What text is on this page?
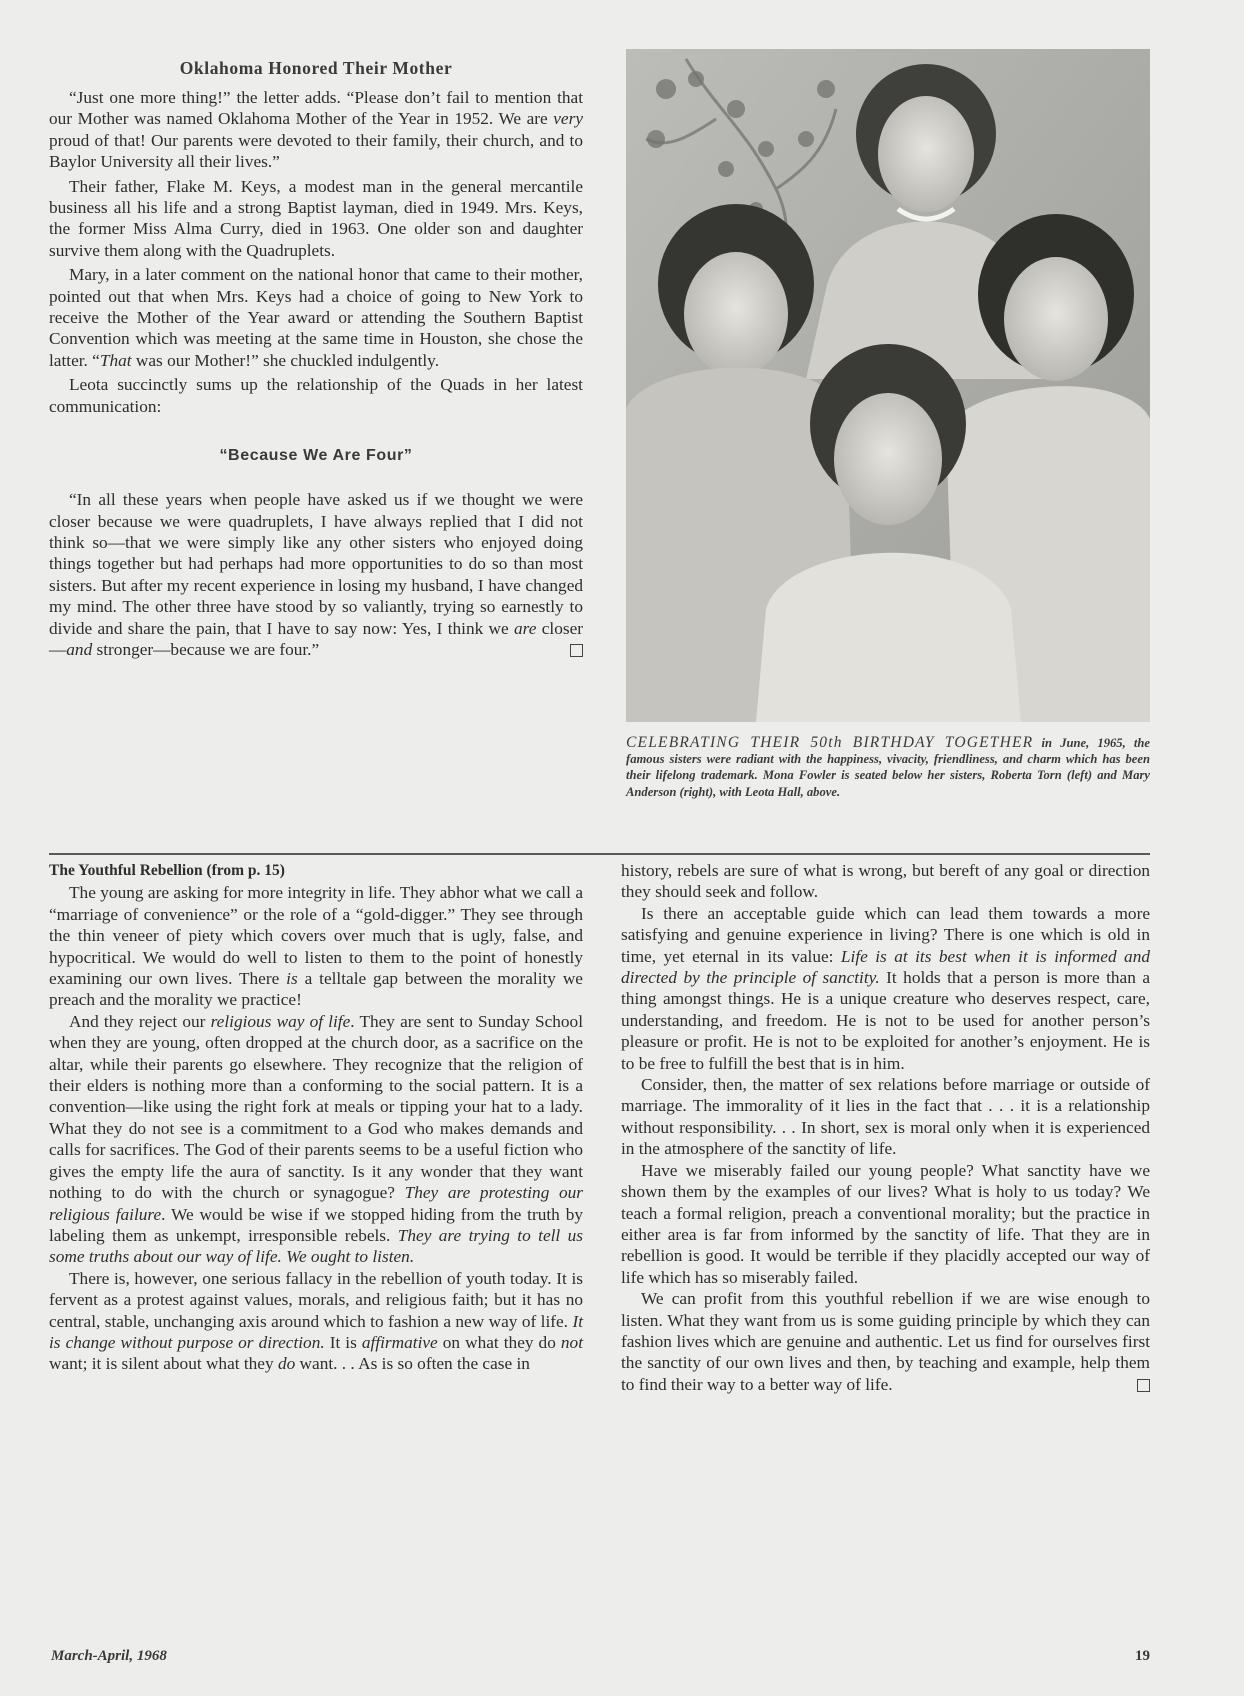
Oklahoma Honored Their Mother

“Just one more thing!” the letter adds. “Please don’t fail to mention that our Mother was named Oklahoma Mother of the Year in 1952. We are very proud of that! Our parents were devoted to their family, their church, and to Baylor University all their lives.”

Their father, Flake M. Keys, a modest man in the general mercantile business all his life and a strong Baptist layman, died in 1949. Mrs. Keys, the former Miss Alma Curry, died in 1963. One older son and daughter survive them along with the Quadruplets.

Mary, in a later comment on the national honor that came to their mother, pointed out that when Mrs. Keys had a choice of going to New York to receive the Mother of the Year award or attending the Southern Baptist Convention which was meeting at the same time in Houston, she chose the latter. “That was our Mother!” she chuckled indulgently.

Leota succinctly sums up the relationship of the Quads in her latest communication:

“Because We Are Four”

“In all these years when people have asked us if we thought we were closer because we were quadruplets, I have always replied that I did not think so—that we were simply like any other sisters who enjoyed doing things together but had perhaps had more opportunities to do so than most sisters. But after my recent experience in losing my husband, I have changed my mind. The other three have stood by so valiantly, trying so earnestly to divide and share the pain, that I have to say now: Yes, I think we are closer—and stronger—because we are four.”

CELEBRATING THEIR 50th BIRTHDAY TOGETHER in June, 1965, the famous sisters were radiant with the happiness, vivacity, friendliness, and charm which has been their lifelong trademark. Mona Fowler is seated below her sisters, Roberta Torn (left) and Mary Anderson (right), with Leota Hall, above.

The Youthful Rebellion (from p. 15)

The young are asking for more integrity in life. They abhor what we call a “marriage of convenience” or the role of a “gold-digger.” They see through the thin veneer of piety which covers over much that is ugly, false, and hypocritical. We would do well to listen to them to the point of honestly examining our own lives. There is a telltale gap between the morality we preach and the morality we practice!

And they reject our religious way of life. They are sent to Sunday School when they are young, often dropped at the church door, as a sacrifice on the altar, while their parents go elsewhere. They recognize that the religion of their elders is nothing more than a conforming to the social pattern. It is a convention—like using the right fork at meals or tipping your hat to a lady. What they do not see is a commitment to a God who makes demands and calls for sacrifices. The God of their parents seems to be a useful fiction who gives the empty life the aura of sanctity. Is it any wonder that they want nothing to do with the church or synagogue? They are protesting our religious failure. We would be wise if we stopped hiding from the truth by labeling them as unkempt, irresponsible rebels. They are trying to tell us some truths about our way of life. We ought to listen.

There is, however, one serious fallacy in the rebellion of youth today. It is fervent as a protest against values, morals, and religious faith; but it has no central, stable, unchanging axis around which to fashion a new way of life. It is change without purpose or direction. It is affirmative on what they do not want; it is silent about what they do want. . . As is so often the case in

history, rebels are sure of what is wrong, but bereft of any goal or direction they should seek and follow.

Is there an acceptable guide which can lead them towards a more satisfying and genuine experience in living? There is one which is old in time, yet eternal in its value: Life is at its best when it is informed and directed by the principle of sanctity. It holds that a person is more than a thing amongst things. He is a unique creature who deserves respect, care, understanding, and freedom. He is not to be used for another person’s pleasure or profit. He is not to be exploited for another’s enjoyment. He is to be free to fulfill the best that is in him.

Consider, then, the matter of sex relations before marriage or outside of marriage. The immorality of it lies in the fact that . . . it is a relationship without responsibility. . . In short, sex is moral only when it is experienced in the atmosphere of the sanctity of life.

Have we miserably failed our young people? What sanctity have we shown them by the examples of our lives? What is holy to us today? We teach a formal religion, preach a conventional morality; but the practice in either area is far from informed by the sanctity of life. That they are in rebellion is good. It would be terrible if they placidly accepted our way of life which has so miserably failed.

We can profit from this youthful rebellion if we are wise enough to listen. What they want from us is some guiding principle by which they can fashion lives which are genuine and authentic. Let us find for ourselves first the sanctity of our own lives and then, by teaching and example, help them to find their way to a better way of life.

March-April, 1968	19
